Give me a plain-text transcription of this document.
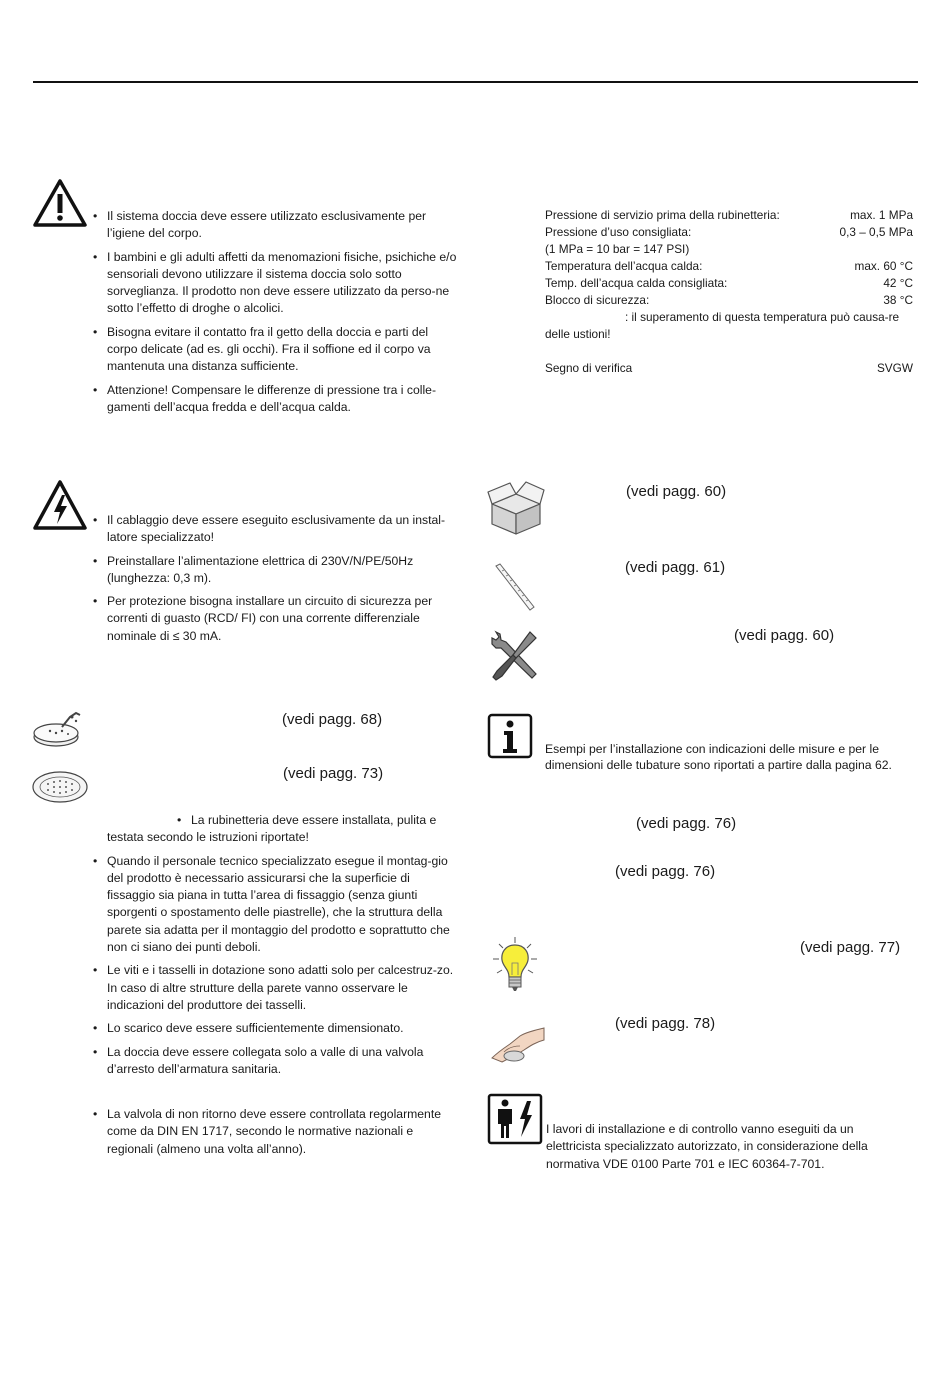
• Il sistema doccia deve essere utilizzato esclusivamente per l’igiene del corpo.
• I bambini e gli adulti affetti da menomazioni fisiche, psichiche e/o sensoriali devono utilizzare il sistema doccia solo sotto sorveglianza. Il prodotto non deve essere utilizzato da perso-ne sotto l’effetto di droghe o alcolici.
• Bisogna evitare il contatto fra il getto della doccia e parti del corpo delicate (ad es. gli occhi). Fra il soffione ed il corpo va mantenuta una distanza sufficiente.
• Attenzione! Compensare le differenze di pressione tra i colle-gamenti dell’acqua fredda e dell’acqua calda.
Pressione di servizio prima della rubinetteria:	max. 1 MPa
Pressione d’uso consigliata:	0,3 – 0,5 MPa
(1 MPa = 10 bar = 147 PSI)
Temperatura dell’acqua calda:	max. 60 °C
Temp. dell’acqua calda consigliata:	42 °C
Blocco di sicurezza:	38 °C
: il superamento di questa temperatura può causa-re delle ustioni!
Segno di verifica	SVGW
• Il cablaggio deve essere eseguito esclusivamente da un instal-latore specializzato!
• Preinstallare l’alimentazione elettrica di 230V/N/PE/50Hz (lunghezza: 0,3 m).
• Per protezione bisogna installare un circuito di sicurezza per correnti di guasto (RCD/ FI) con una corrente differenziale nominale di ≤ 30 mA.
(vedi pagg. 60)
(vedi pagg. 61)
(vedi pagg. 60)
(vedi pagg. 68)
(vedi pagg. 73)
• La rubinetteria deve essere installata, pulita e testata secondo le istruzioni riportate!
• Quando il personale tecnico specializzato esegue il montag-gio del prodotto è necessario assicurarsi che la superficie di fissaggio sia piana in tutta l’area di fissaggio (senza giunti sporgenti o spostamento delle piastrelle), che la struttura della parete sia adatta per il montaggio del prodotto e soprattutto che non ci siano dei punti deboli.
• Le viti e i tasselli in dotazione sono adatti solo per calcestruz-zo. In caso di altre strutture della parete vanno osservare le indicazioni del produttore dei tasselli.
• Lo scarico deve essere sufficientemente dimensionato.
• La doccia deve essere collegata solo a valle di una valvola d’arresto dell’armatura sanitaria.
• La valvola di non ritorno deve essere controllata regolarmente come da DIN EN 1717, secondo le normative nazionali e regionali (almeno una volta all’anno).
Esempi per l’installazione con indicazioni delle misure e per le dimensioni delle tubature sono riportati a partire dalla pagina 62.
(vedi pagg. 76)
(vedi pagg. 76)
(vedi pagg. 77)
(vedi pagg. 78)
I lavori di installazione e di controllo vanno eseguiti da un elettricista specializzato autorizzato, in considerazione della normativa VDE 0100 Parte 701 e IEC 60364-7-701.
